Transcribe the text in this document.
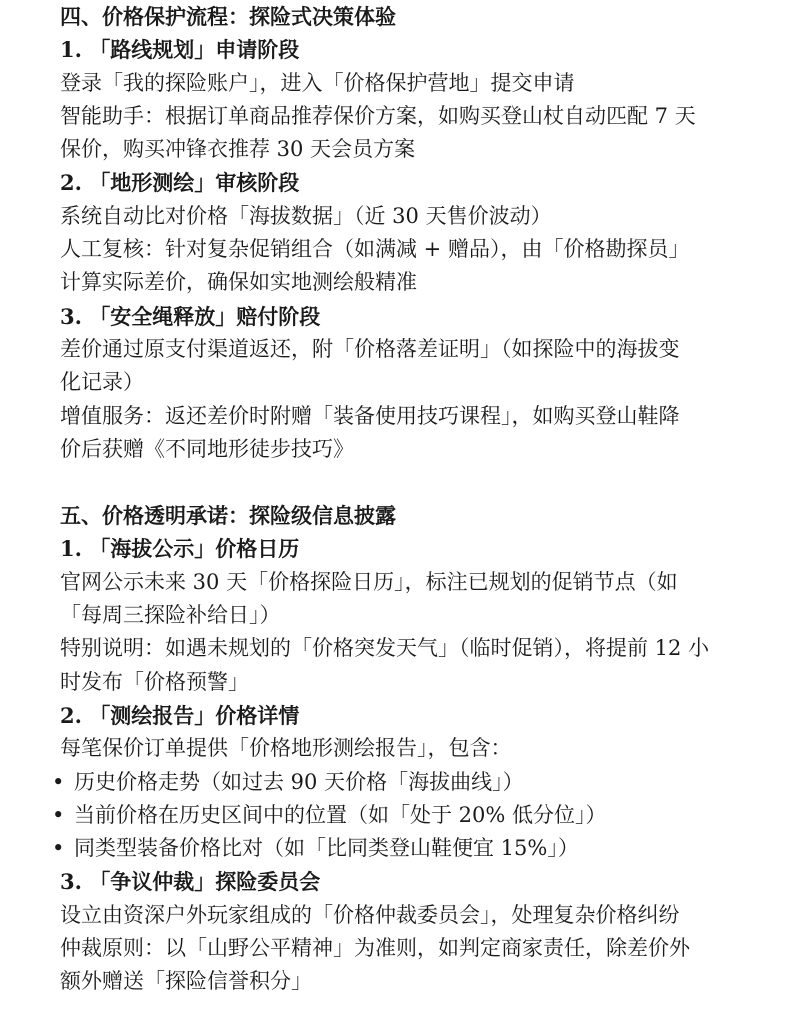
四、价格保护流程：探险式决策体验
1. 「路线规划」申请阶段
登录「我的探险账户」，进入「价格保护营地」提交申请
智能助手：根据订单商品推荐保价方案，如购买登山杖自动匹配 7 天
保价，购买冲锋衣推荐 30 天会员方案
2. 「地形测绘」审核阶段
系统自动比对价格「海拔数据」（近 30 天售价波动）
人工复核：针对复杂促销组合（如满减 + 赠品），由「价格勘探员」
计算实际差价，确保如实地测绘般精准
3. 「安全绳释放」赔付阶段
差价通过原支付渠道返还，附「价格落差证明」（如探险中的海拔变
化记录）
增值服务：返还差价时附赠「装备使用技巧课程」，如购买登山鞋降
价后获赠《不同地形徒步技巧》
五、价格透明承诺：探险级信息披露
1. 「海拔公示」价格日历
官网公示未来 30 天「价格探险日历」，标注已规划的促销节点（如
「每周三探险补给日」）
特别说明：如遇未规划的「价格突发天气」（临时促销），将提前 12 小
时发布「价格预警」
2. 「测绘报告」价格详情
每笔保价订单提供「价格地形测绘报告」，包含：
• 历史价格走势（如过去 90 天价格「海拔曲线」）
• 当前价格在历史区间中的位置（如「处于 20% 低分位」）
• 同类型装备价格比对（如「比同类登山鞋便宜 15%」）
3. 「争议仲裁」探险委员会
设立由资深户外玩家组成的「价格仲裁委员会」，处理复杂价格纠纷
仲裁原则：以「山野公平精神」为准则，如判定商家责任，除差价外
额外赠送「探险信誉积分」
